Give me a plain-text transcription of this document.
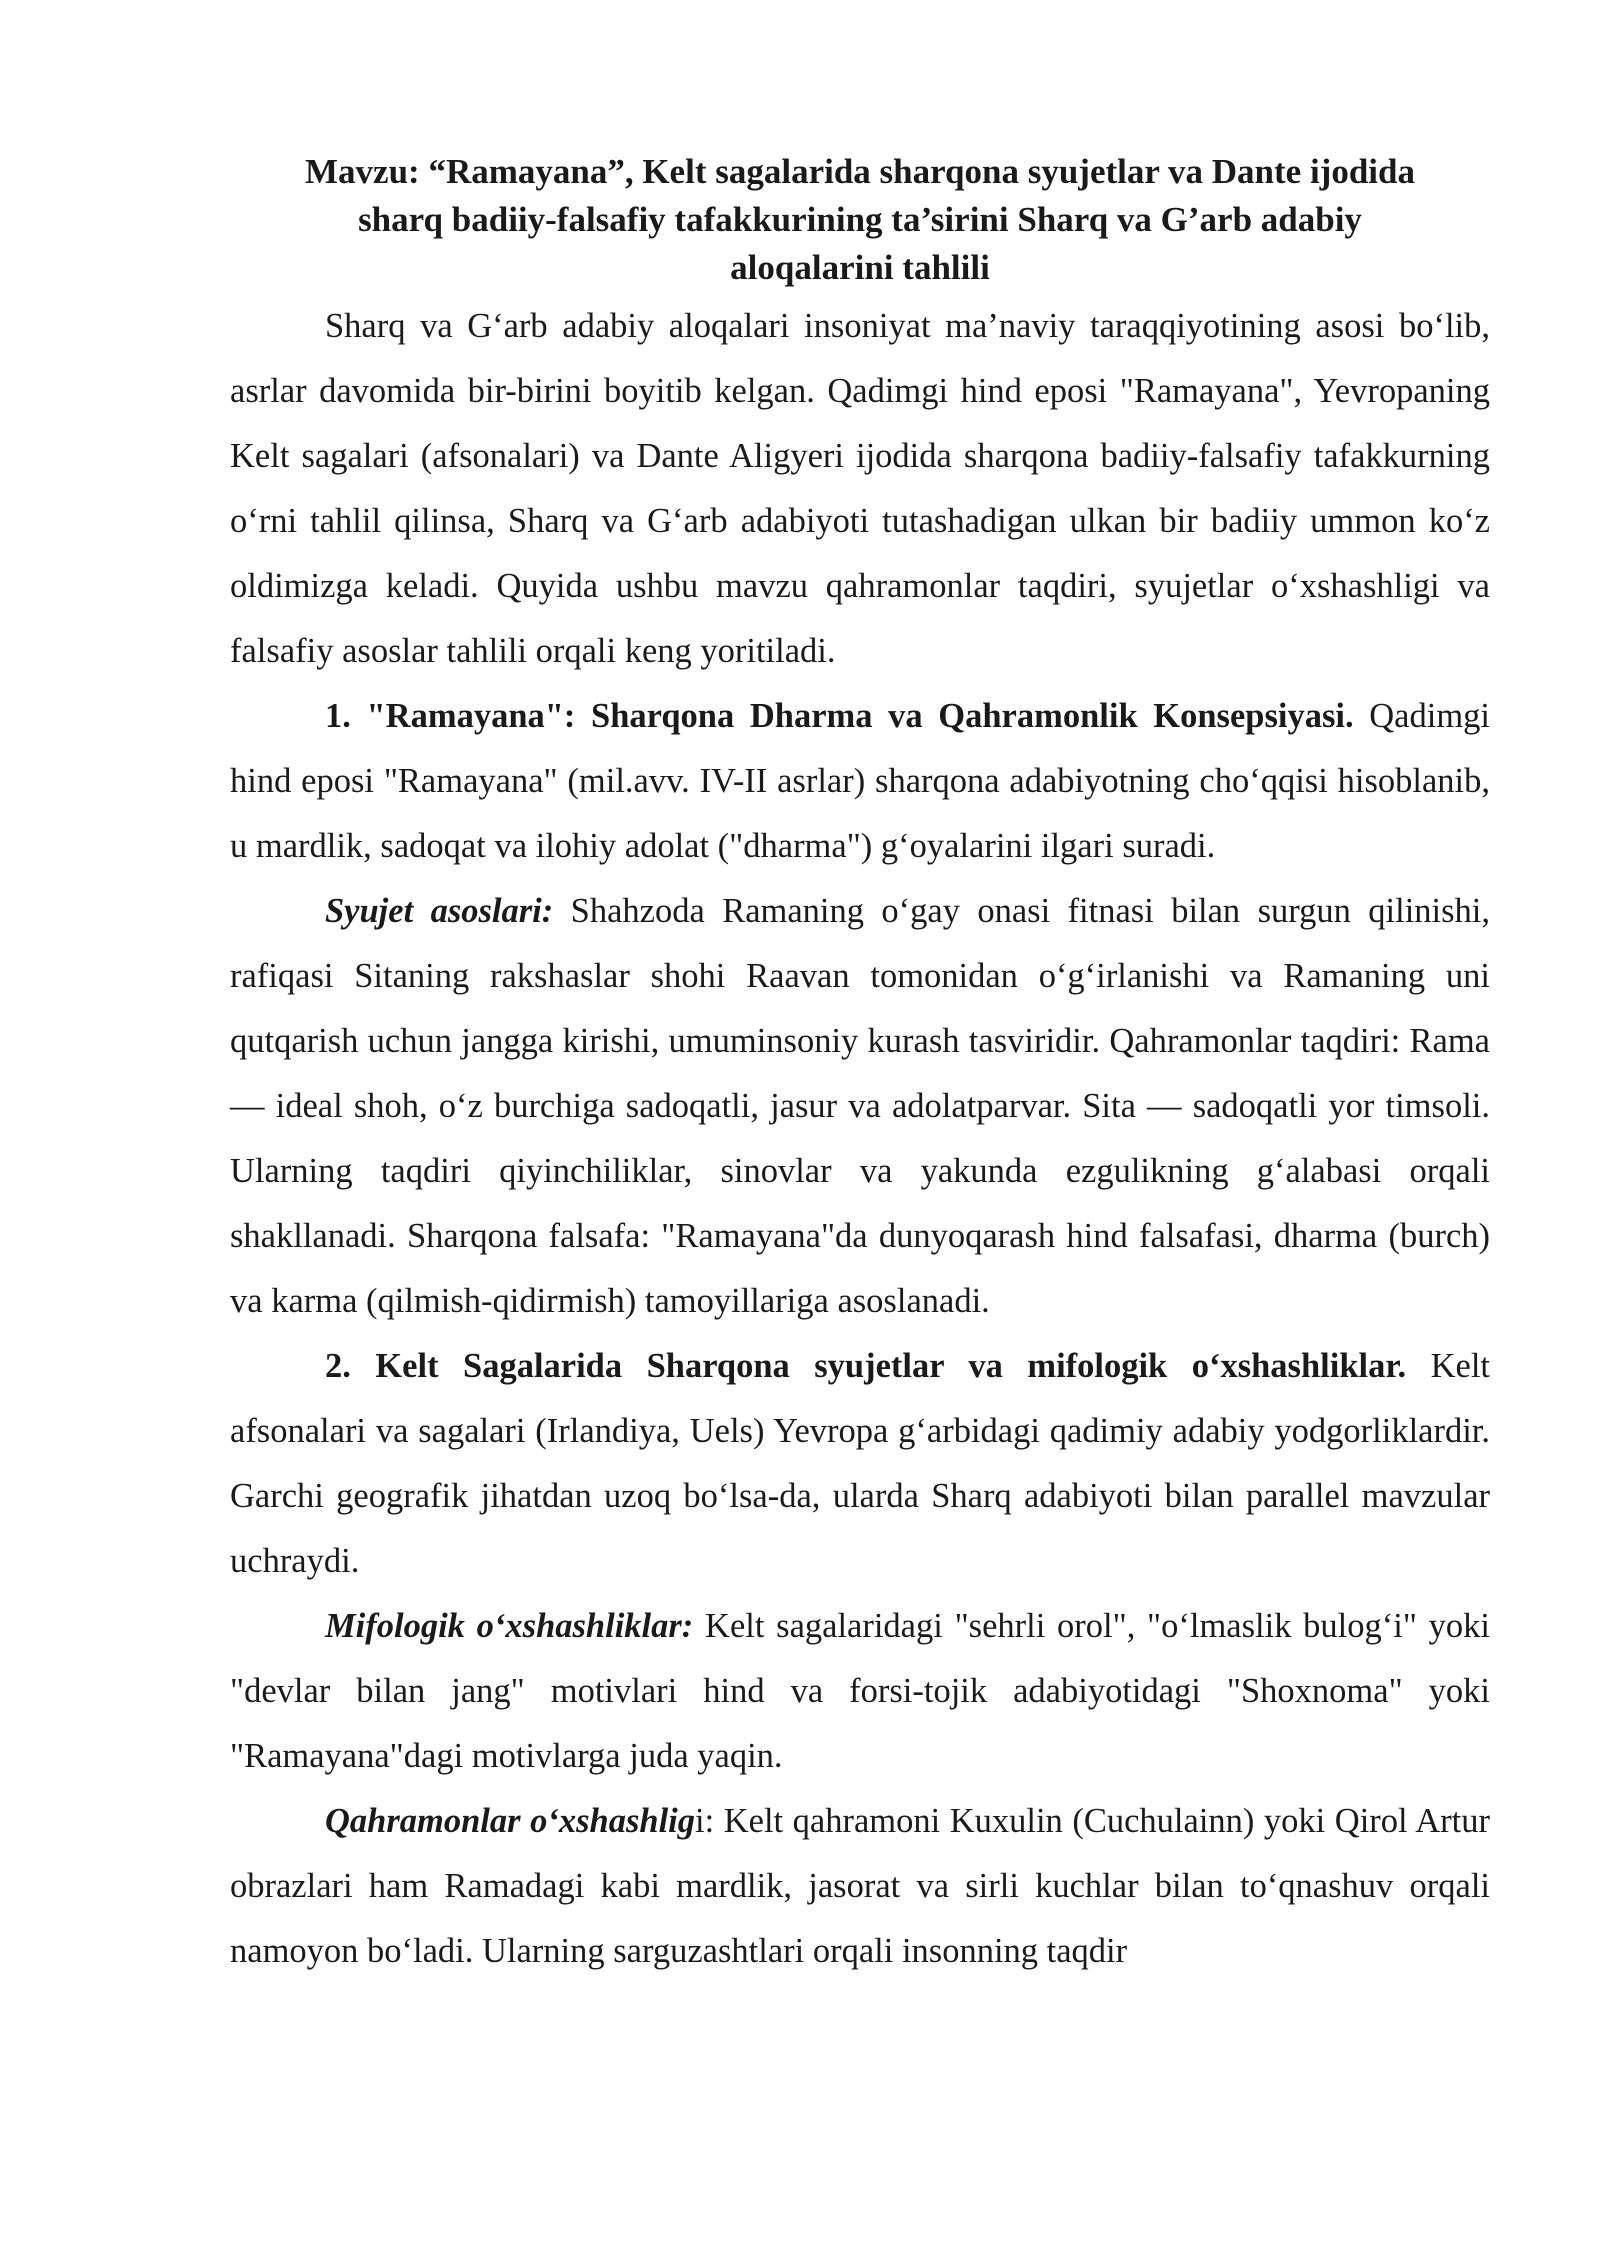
Mavzu: “Ramayana”, Kelt sagalarida sharqona syujetlar va Dante ijodida
sharq badiiy-falsafiy tafakkurining ta’sirini Sharq va G’arb adabiy
aloqalarini tahlili

Sharq va G‘arb adabiy aloqalari insoniyat ma’naviy taraqqiyotining asosi bo‘lib, asrlar davomida bir-birini boyitib kelgan. Qadimgi hind eposi "Ramayana", Yevropaning Kelt sagalari (afsonalari) va Dante Aligyeri ijodida sharqona badiiy-falsafiy tafakkurning o‘rni tahlil qilinsa, Sharq va G‘arb adabiyoti tutashadigan ulkan bir badiiy ummon ko‘z oldimizga keladi. Quyida ushbu mavzu qahramonlar taqdiri, syujetlar o‘xshashligi va falsafiy asoslar tahlili orqali keng yoritiladi.

1. "Ramayana": Sharqona Dharma va Qahramonlik Konsepsiyasi. Qadimgi hind eposi "Ramayana" (mil.avv. IV-II asrlar) sharqona adabiyotning cho‘qqisi hisoblanib, u mardlik, sadoqat va ilohiy adolat ("dharma") g‘oyalarini ilgari suradi.

Syujet asoslari: Shahzoda Ramaning o‘gay onasi fitnasi bilan surgun qilinishi, rafiqasi Sitaning rakshaslar shohi Raavan tomonidan o‘g‘irlanishi va Ramaning uni qutqarish uchun jangga kirishi, umuminsoniy kurash tasviridir. Qahramonlar taqdiri: Rama — ideal shoh, o‘z burchiga sadoqatli, jasur va adolatparvar. Sita — sadoqatli yor timsoli. Ularning taqdiri qiyinchiliklar, sinovlar va yakunda ezgulikning g‘alabasi orqali shakllanadi. Sharqona falsafa: "Ramayana"da dunyoqarash hind falsafasi, dharma (burch) va karma (qilmish-qidirmish) tamoyillariga asoslanadi.

2. Kelt Sagalarida Sharqona syujetlar va mifologik o‘xshashliklar. Kelt afsonalari va sagalari (Irlandiya, Uels) Yevropa g‘arbidagi qadimiy adabiy yodgorliklardir. Garchi geografik jihatdan uzoq bo‘lsa-da, ularda Sharq adabiyoti bilan parallel mavzular uchraydi.

Mifologik o‘xshashliklar: Kelt sagalaridagi "sehrli orol", "o‘lmaslik bulog‘i" yoki "devlar bilan jang" motivlari hind va forsi-tojik adabiyotidagi "Shoxnoma" yoki "Ramayana"dagi motivlarga juda yaqin.

Qahramonlar o‘xshashligi: Kelt qahramoni Kuxulin (Cuchulainn) yoki Qirol Artur obrazlari ham Ramadagi kabi mardlik, jasorat va sirli kuchlar bilan to‘qnashuv orqali namoyon bo‘ladi. Ularning sarguzashtlari orqali insonning taqdir
